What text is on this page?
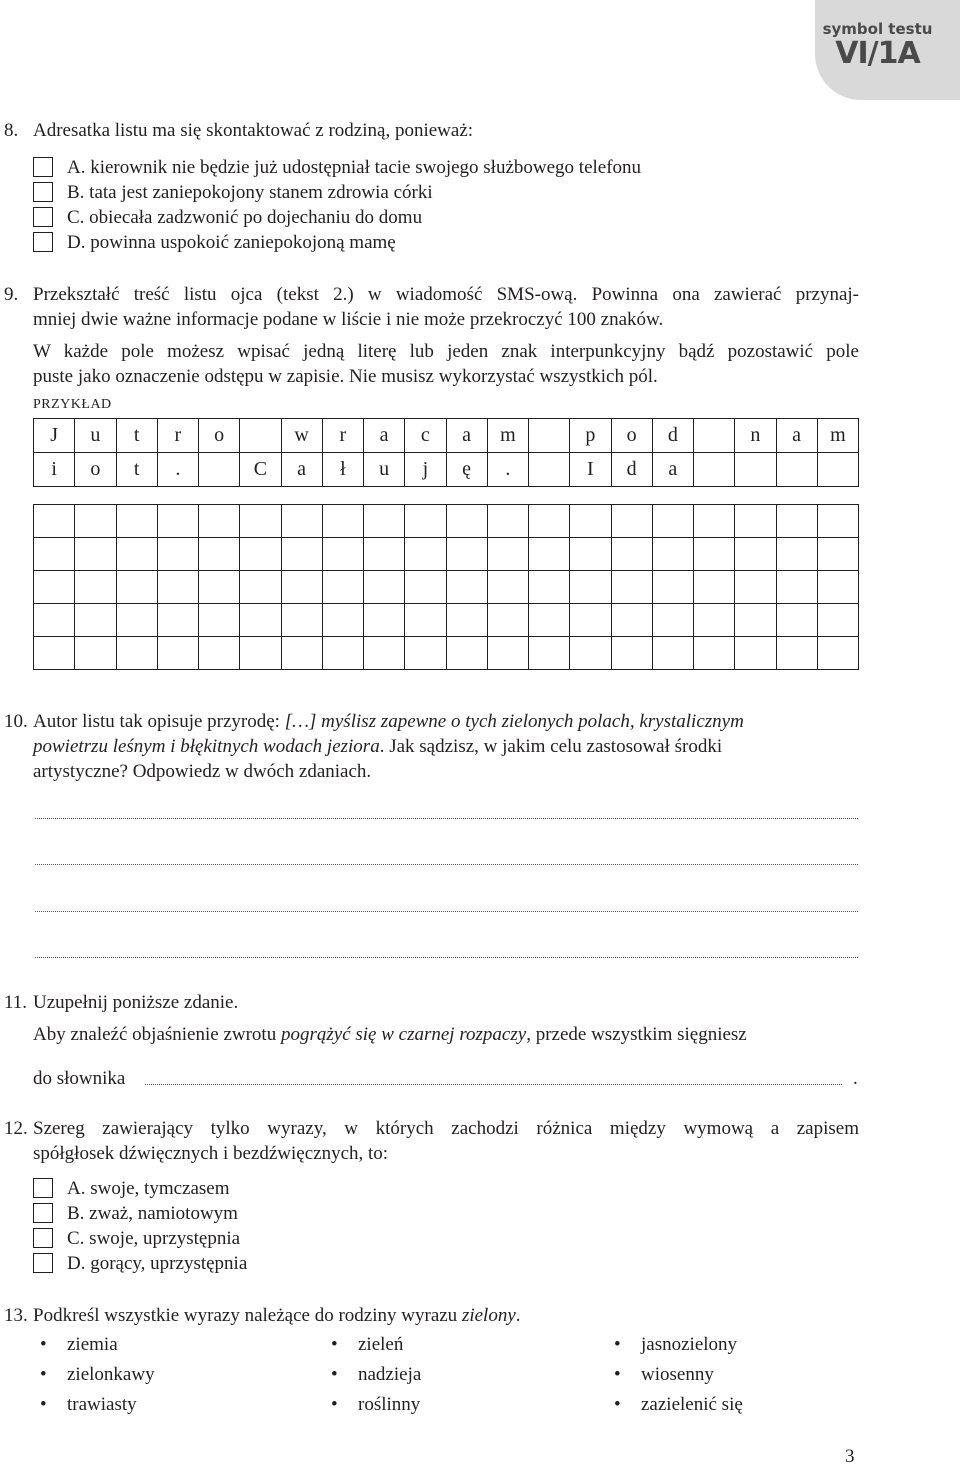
symbol testu
VI/1A
8. Adresatka listu ma się skontaktować z rodziną, ponieważ:
A. kierownik nie będzie już udostępniał tacie swojego służbowego telefonu
B. tata jest zaniepokojony stanem zdrowia córki
C. obiecała zadzwonić po dojechaniu do domu
D. powinna uspokoić zaniepokojoną mamę
9. Przekształć treść listu ojca (tekst 2.) w wiadomość SMS-ową. Powinna ona zawierać przynaj-
mniej dwie ważne informacje podane w liście i nie może przekroczyć 100 znaków.
W każde pole możesz wpisać jedną literę lub jeden znak interpunkcyjny bądź pozostawić pole
puste jako oznaczenie odstępu w zapisie. Nie musisz wykorzystać wszystkich pól.
PRZYKŁAD
J	u	t	r	o		w	r	a	c	a	m		p	o	d		n	a	m
i	o	t	.		C	a	ł	u	j	ę	.		I	d	a				

10. Autor listu tak opisuje przyrodę: […] myślisz zapewne o tych zielonych polach, krystalicznym
powietrzu leśnym i błękitnych wodach jeziora. Jak sądzisz, w jakim celu zastosował środki
artystyczne? Odpowiedz w dwóch zdaniach.
11. Uzupełnij poniższe zdanie.
Aby znaleźć objaśnienie zwrotu pogrążyć się w czarnej rozpaczy, przede wszystkim sięgniesz
do słownika	.
12. Szereg zawierający tylko wyrazy, w których zachodzi różnica między wymową a zapisem
spółgłosek dźwięcznych i bezdźwięcznych, to:
A. swoje, tymczasem
B. zważ, namiotowym
C. swoje, uprzystępnia
D. gorący, uprzystępnia
13. Podkreśl wszystkie wyrazy należące do rodziny wyrazu zielony.
• ziemia
• zielonkawy
• trawiasty
• zieleń
• nadzieja
• roślinny
• jasnozielony
• wiosenny
• zazielenić się
3
